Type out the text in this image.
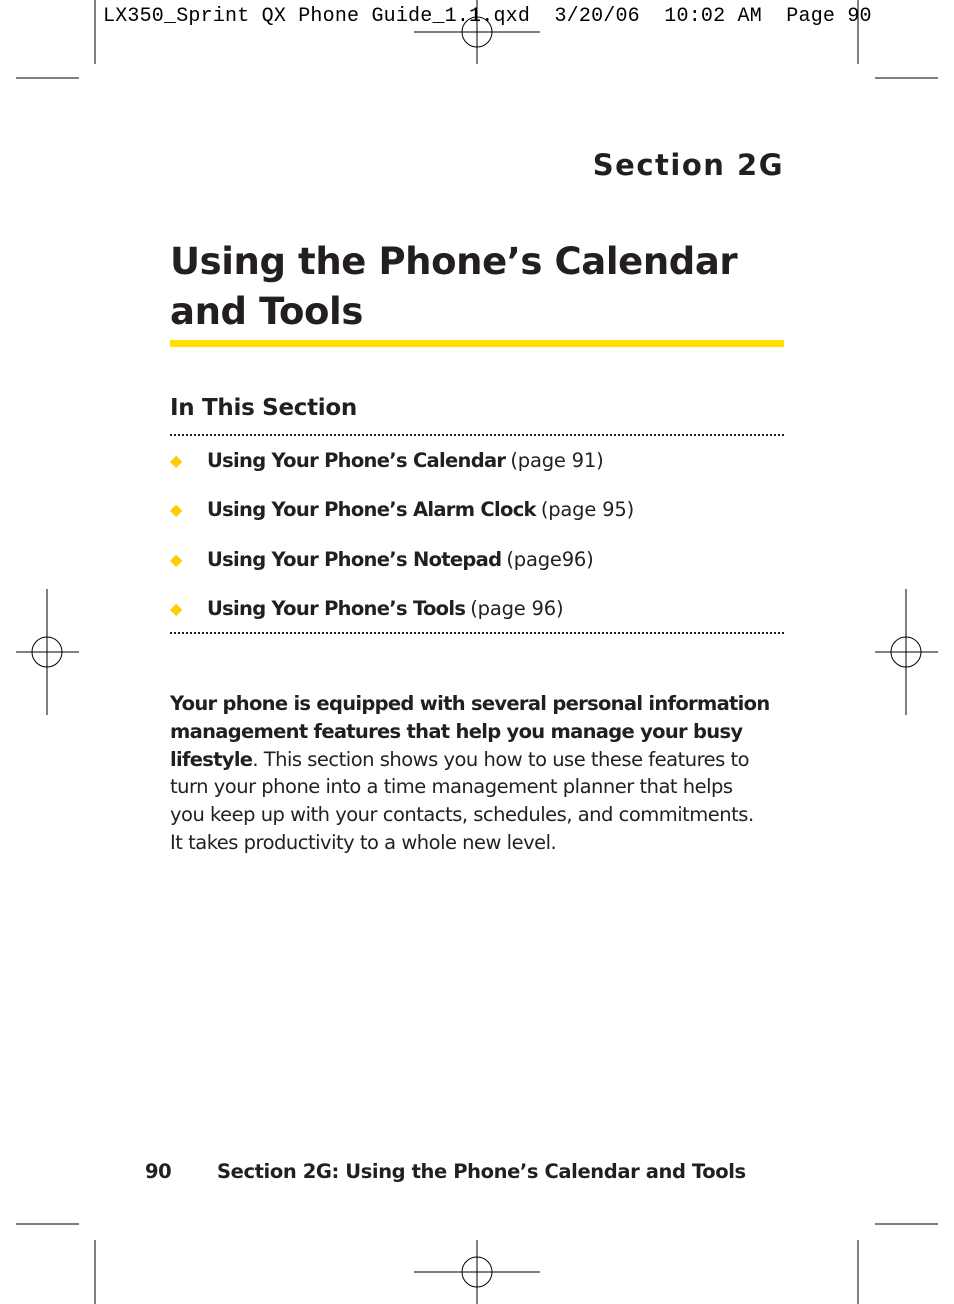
LX350_Sprint QX Phone Guide_1.1.qxd  3/20/06  10:02 AM  Page 90
Section 2G
Using the Phone’s Calendar
and Tools
In This Section
◆	Using Your Phone’s Calendar (page 91)
◆	Using Your Phone’s Alarm Clock (page 95)
◆	Using Your Phone’s Notepad (page96)
◆	Using Your Phone’s Tools (page 96)

Your phone is equipped with several personal information management features that help you manage your busy lifestyle. This section shows you how to use these features to turn your phone into a time management planner that helps you keep up with your contacts, schedules, and commitments. It takes productivity to a whole new level.

90	Section 2G: Using the Phone’s Calendar and Tools
